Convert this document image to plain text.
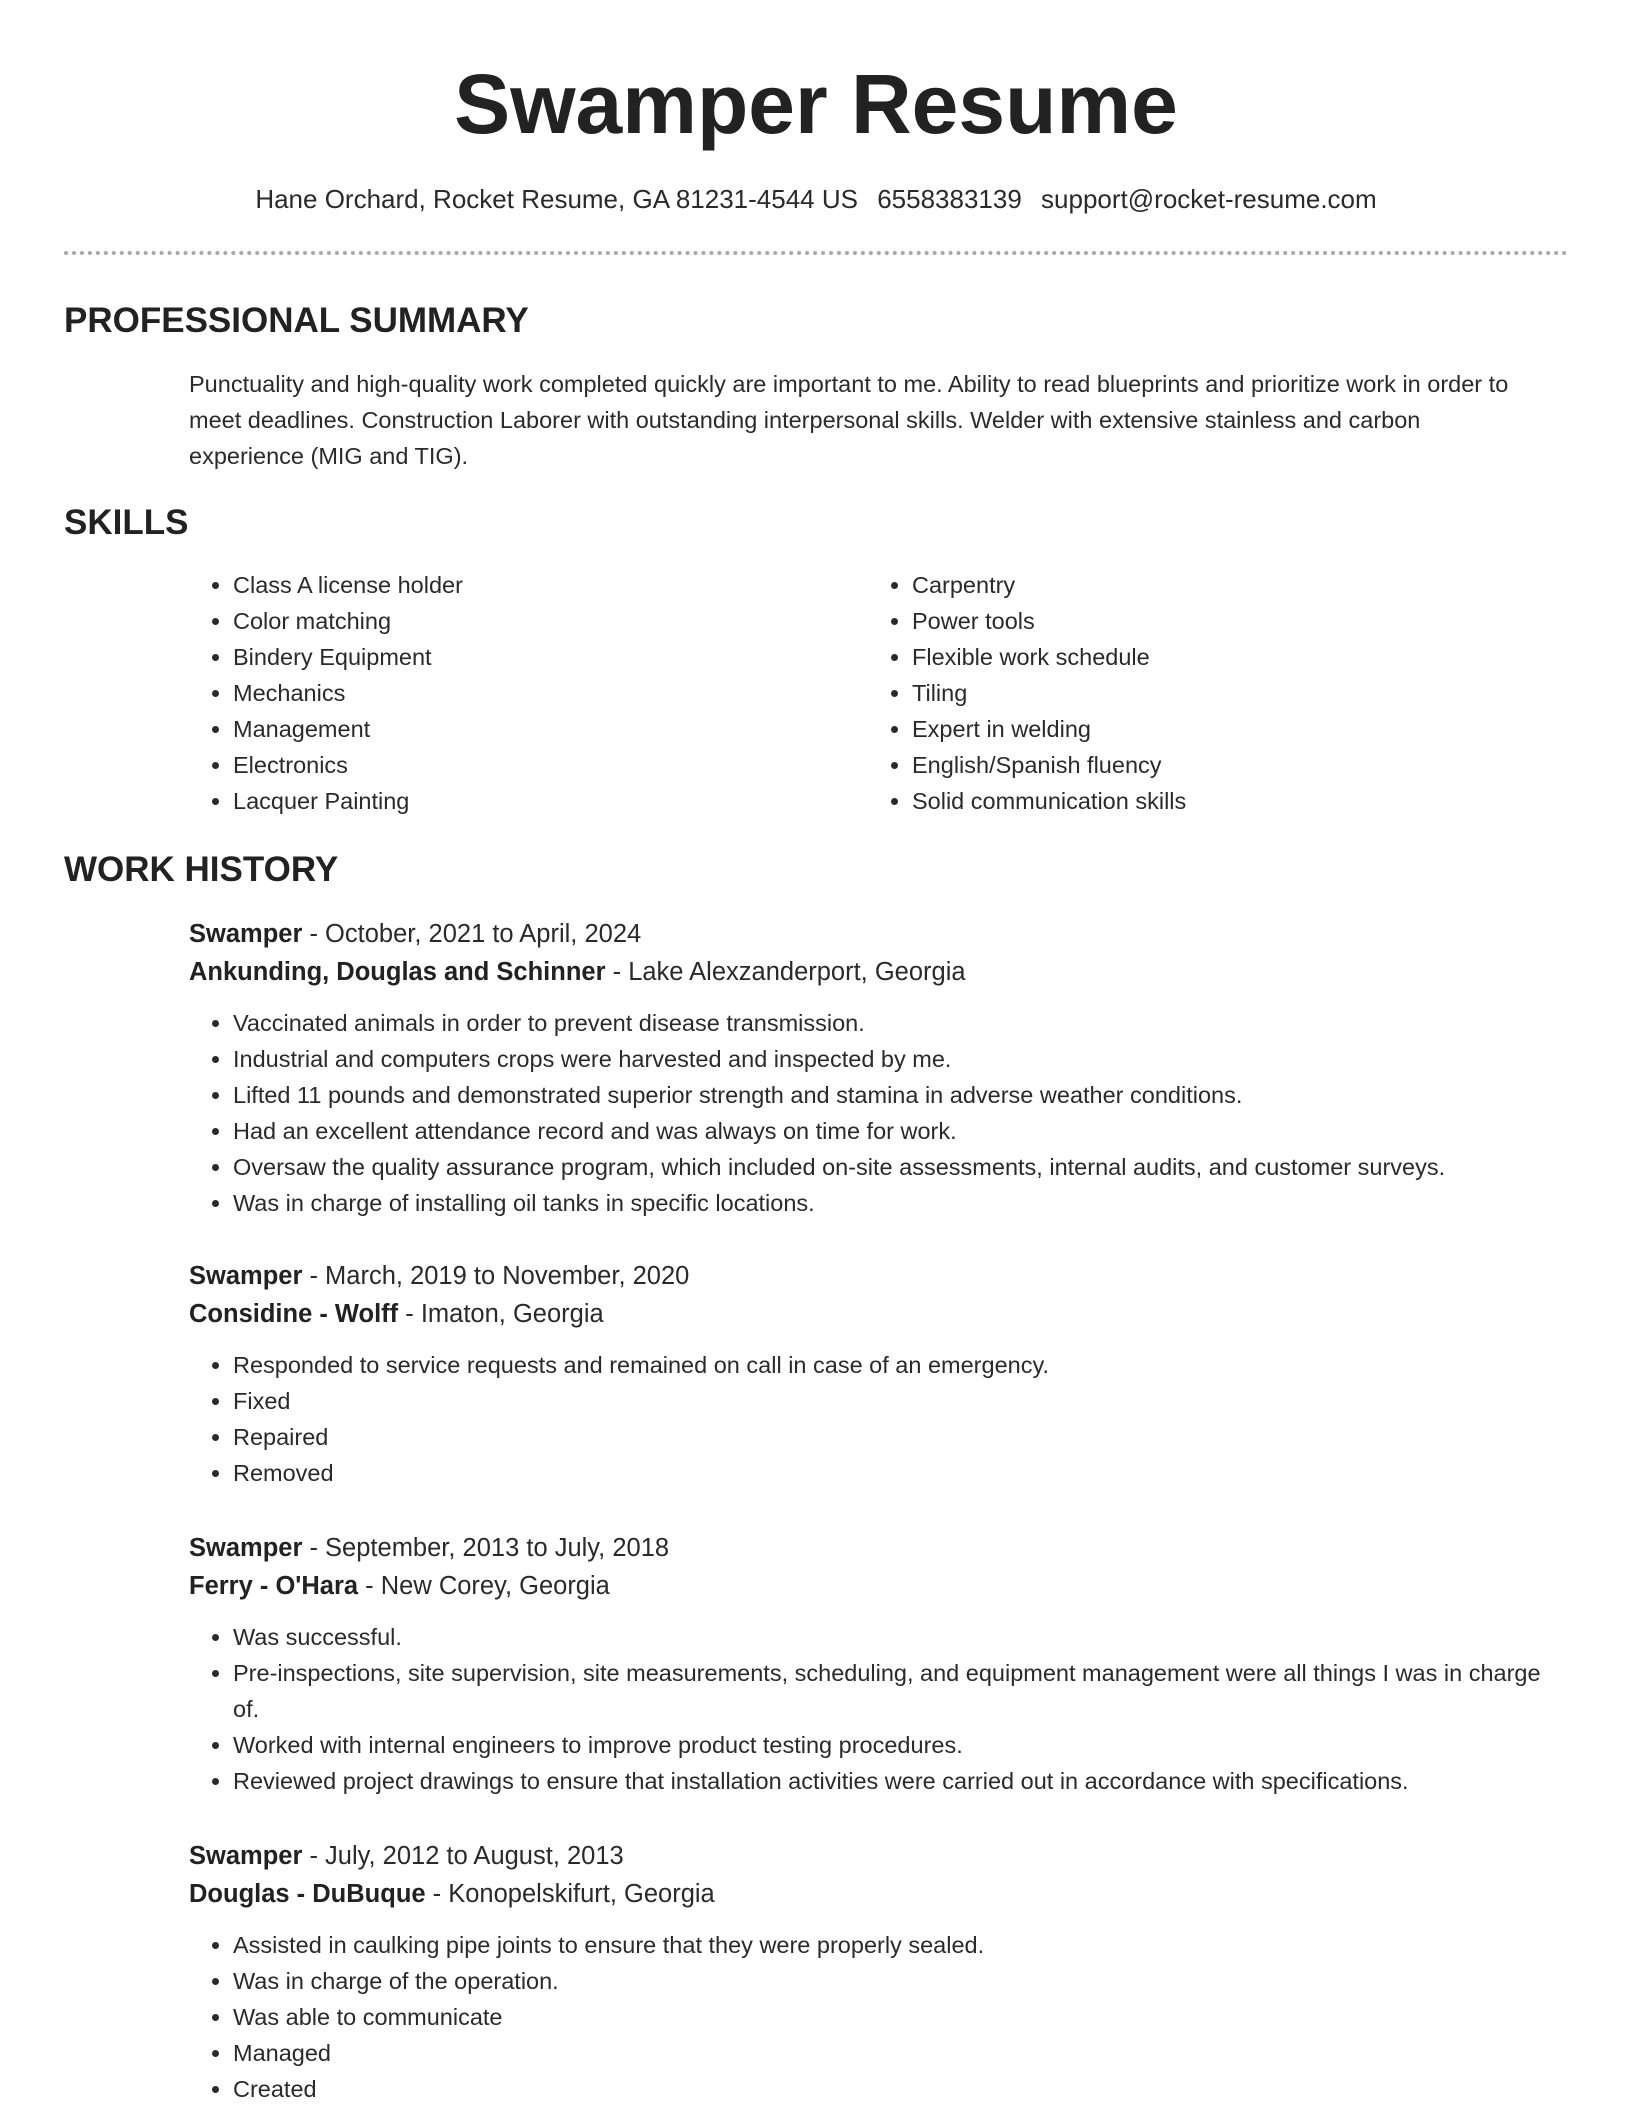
Swamper Resume
Hane Orchard, Rocket Resume, GA 81231-4544 US 6558383139 support@rocket-resume.com
PROFESSIONAL SUMMARY

Punctuality and high-quality work completed quickly are important to me. Ability to read blueprints and prioritize work in order to meet deadlines. Construction Laborer with outstanding interpersonal skills. Welder with extensive stainless and carbon experience (MIG and TIG).

SKILLS
• Class A license holder
• Color matching
• Bindery Equipment
• Mechanics
• Management
• Electronics
• Lacquer Painting
• Carpentry
• Power tools
• Flexible work schedule
• Tiling
• Expert in welding
• English/Spanish fluency
• Solid communication skills
WORK HISTORY

Swamper - October, 2021 to April, 2024

Ankunding, Douglas and Schinner - Lake Alexzanderport, Georgia

• Vaccinated animals in order to prevent disease transmission.
• Industrial and computers crops were harvested and inspected by me.
• Lifted 11 pounds and demonstrated superior strength and stamina in adverse weather conditions.
• Had an excellent attendance record and was always on time for work.
• Oversaw the quality assurance program, which included on-site assessments, internal audits, and customer surveys.
• Was in charge of installing oil tanks in specific locations.

Swamper - March, 2019 to November, 2020

Considine - Wolff - Imaton, Georgia

• Responded to service requests and remained on call in case of an emergency.
• Fixed
• Repaired
• Removed

Swamper - September, 2013 to July, 2018

Ferry - O'Hara - New Corey, Georgia

• Was successful.
• Pre-inspections, site supervision, site measurements, scheduling, and equipment management were all things I was in charge of.
• Worked with internal engineers to improve product testing procedures.
• Reviewed project drawings to ensure that installation activities were carried out in accordance with specifications.

Swamper - July, 2012 to August, 2013

Douglas - DuBuque - Konopelskifurt, Georgia

• Assisted in caulking pipe joints to ensure that they were properly sealed.
• Was in charge of the operation.
• Was able to communicate
• Managed
• Created
